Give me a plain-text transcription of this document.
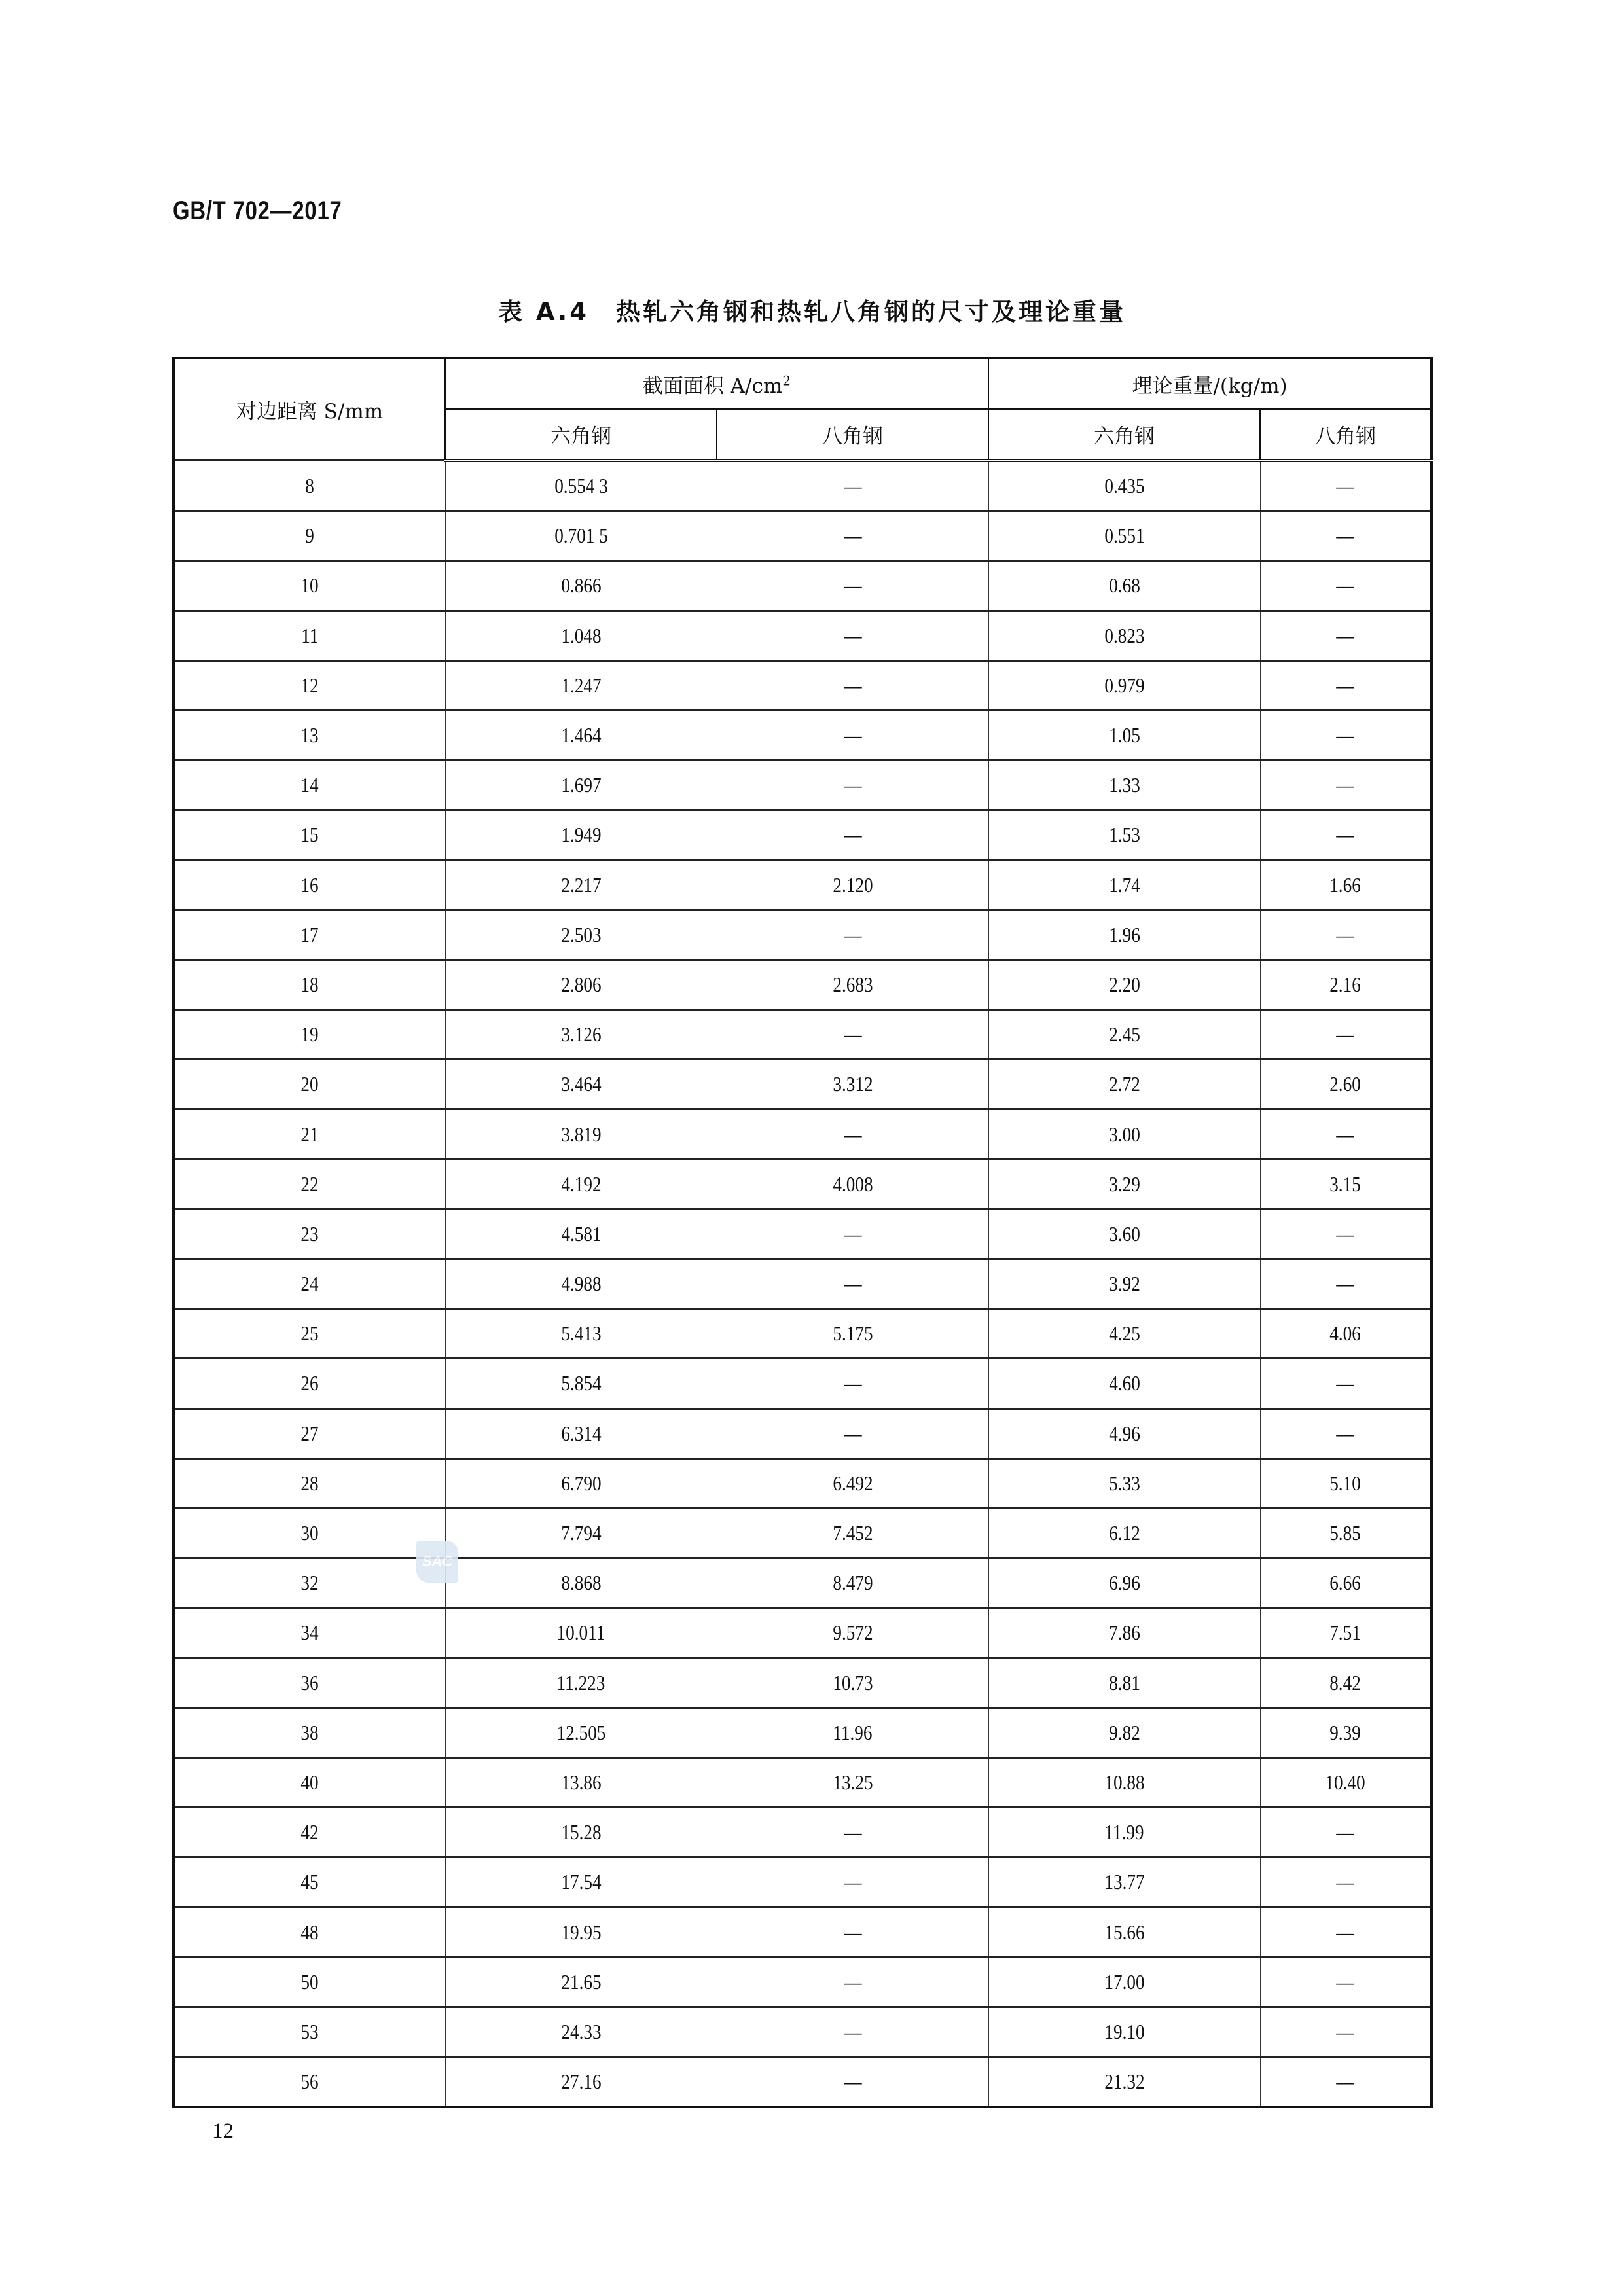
GB/T 702—2017
表 A.4　热轧六角钢和热轧八角钢的尺寸及理论重量
对边距离 S/mm	截面面积 $A/cm^2$		理论重量/(kg/m)	
	六角钢	八角钢	六角钢	八角钢
8	0.554 3	—	0.435	—
9	0.701 5	—	0.551	—
10	0.866	—	0.68	—
11	1.048	—	0.823	—
12	1.247	—	0.979	—
13	1.464	—	1.05	—
14	1.697	—	1.33	—
15	1.949	—	1.53	—
16	2.217	2.120	1.74	1.66
17	2.503	—	1.96	—
18	2.806	2.683	2.20	2.16
19	3.126	—	2.45	—
20	3.464	3.312	2.72	2.60
21	3.819	—	3.00	—
22	4.192	4.008	3.29	3.15
23	4.581	—	3.60	—
24	4.988	—	3.92	—
25	5.413	5.175	4.25	4.06
26	5.854	—	4.60	—
27	6.314	—	4.96	—
28	6.790	6.492	5.33	5.10
30	7.794	7.452	6.12	5.85
32	8.868	8.479	6.96	6.66
34	10.011	9.572	7.86	7.51
36	11.223	10.73	8.81	8.42
38	12.505	11.96	9.82	9.39
40	13.86	13.25	10.88	10.40
42	15.28	—	11.99	—
45	17.54	—	13.77	—
48	19.95	—	15.66	—
50	21.65	—	17.00	—
53	24.33	—	19.10	—
56	27.16	—	21.32	—
SAC
12
